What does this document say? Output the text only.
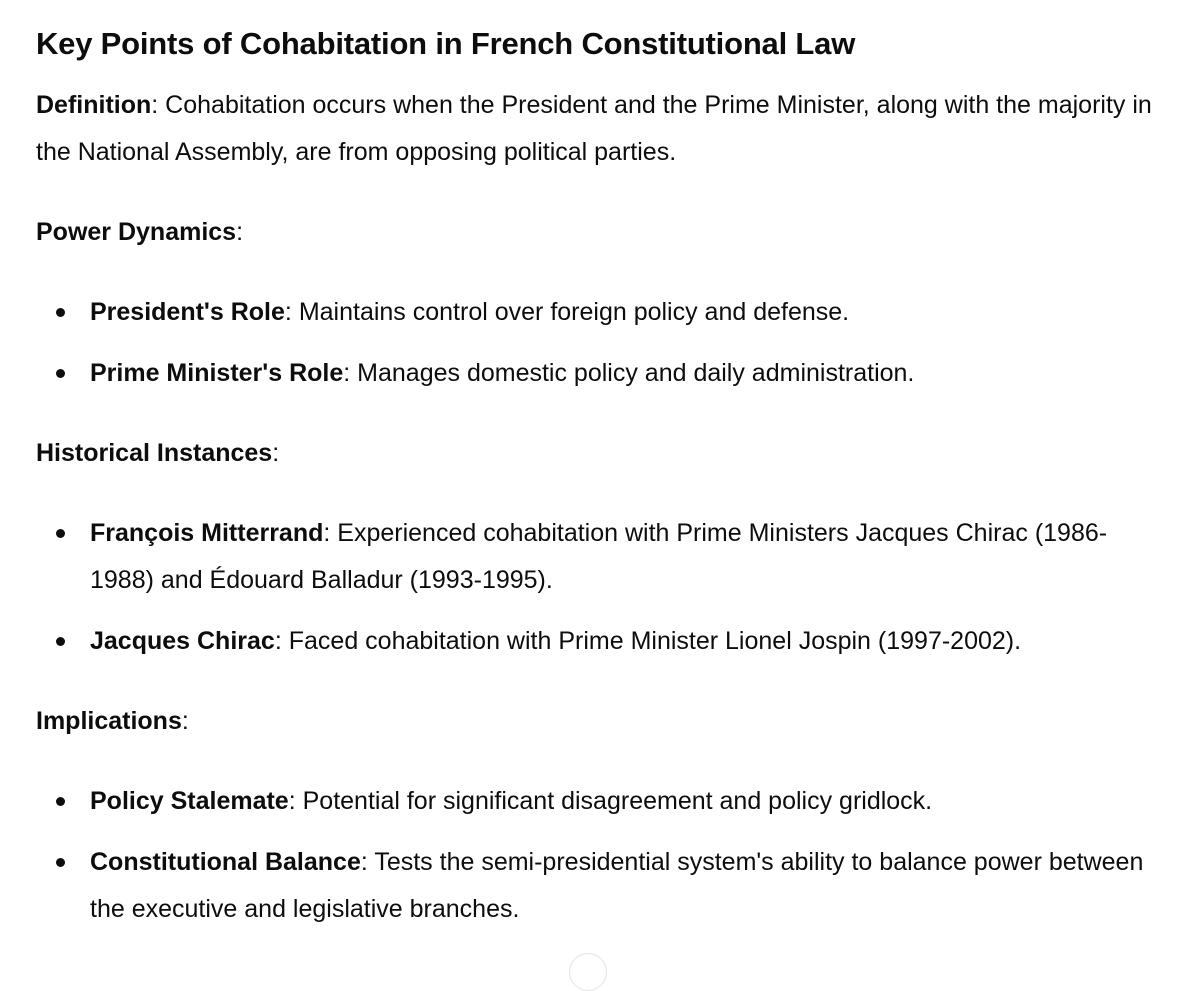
Key Points of Cohabitation in French Constitutional Law

Definition: Cohabitation occurs when the President and the Prime Minister, along with the majority in the National Assembly, are from opposing political parties.

Power Dynamics:

President's Role: Maintains control over foreign policy and defense.
Prime Minister's Role: Manages domestic policy and daily administration.

Historical Instances:

François Mitterrand: Experienced cohabitation with Prime Ministers Jacques Chirac (1986-1988) and Édouard Balladur (1993-1995).
Jacques Chirac: Faced cohabitation with Prime Minister Lionel Jospin (1997-2002).

Implications:

Policy Stalemate: Potential for significant disagreement and policy gridlock.
Constitutional Balance: Tests the semi-presidential system's ability to balance power between the executive and legislative branches.
